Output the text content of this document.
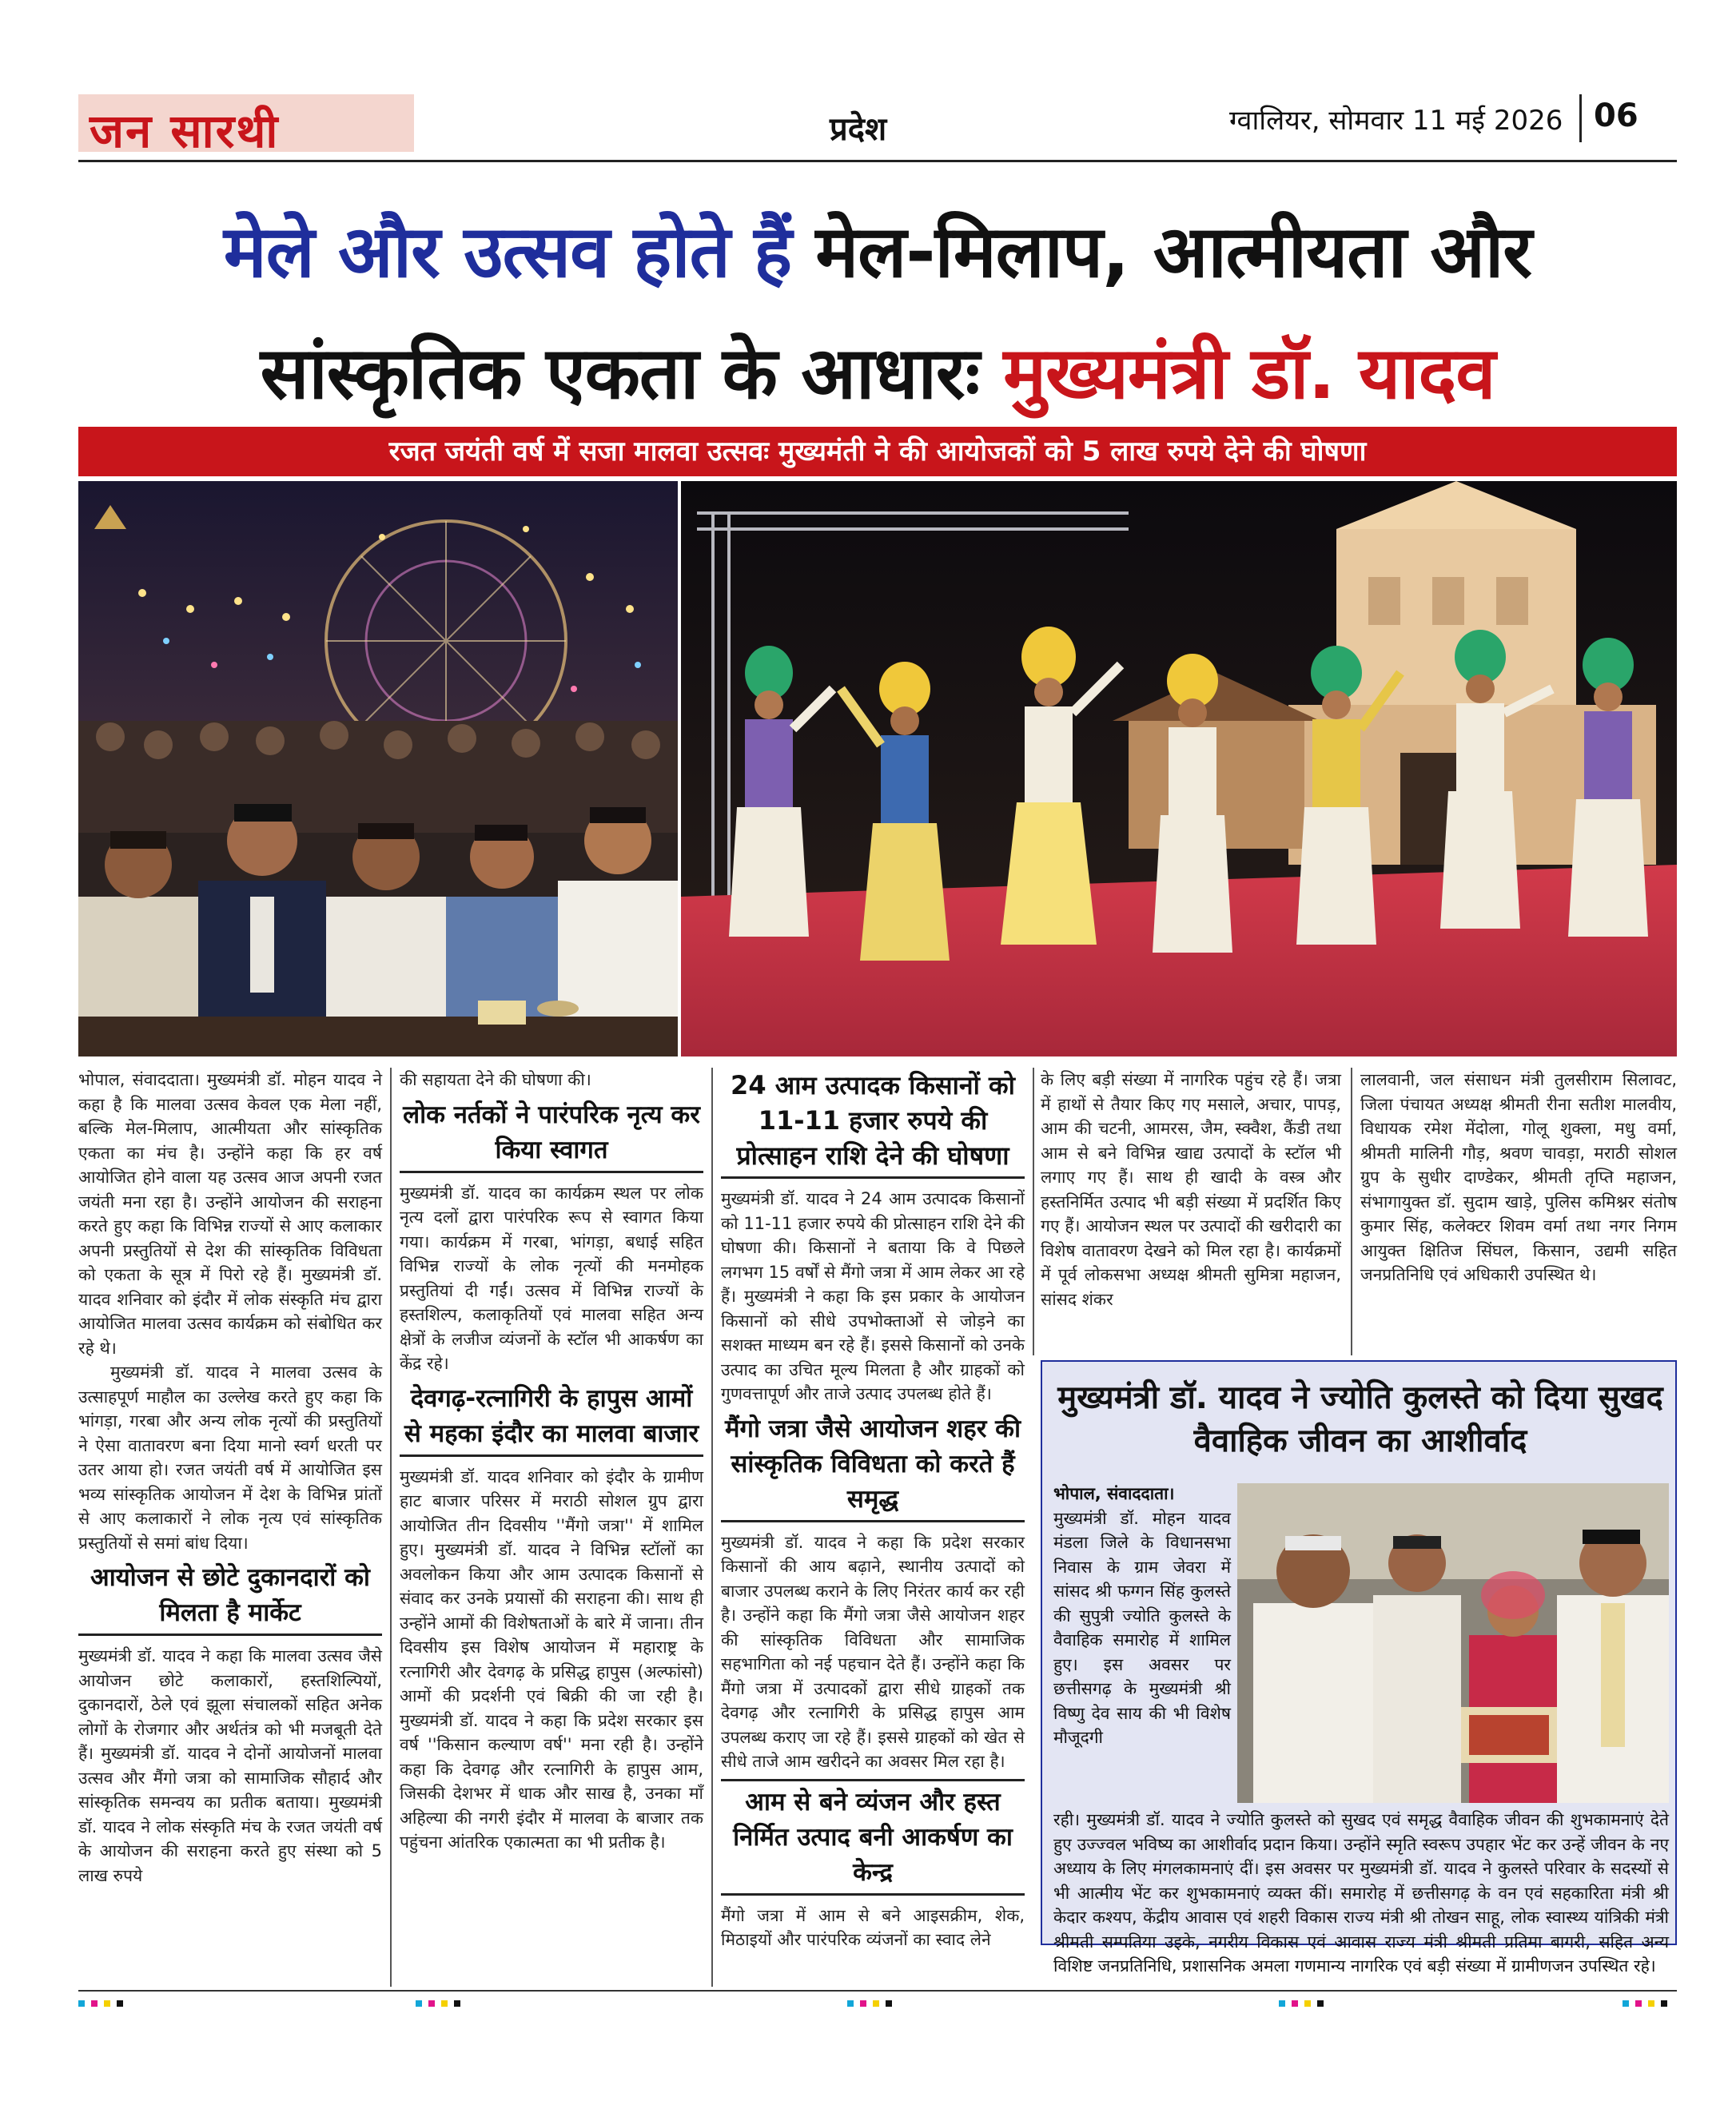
जन सारथी	प्रदेश	ग्वालियर, सोमवार 11 मई 2026 06
मेले और उत्सव होते हैं मेल-मिलाप, आत्मीयता और
सांस्कृतिक एकता के आधारः मुख्यमंत्री डॉ. यादव
रजत जयंती वर्ष में सजा मालवा उत्सवः मुख्यमंती ने की आयोजकों को 5 लाख रुपये देने की घोषणा

भोपाल, संवाददाता। मुख्यमंत्री डॉ. मोहन यादव ने कहा है कि मालवा उत्सव केवल एक मेला नहीं, बल्कि मेल-मिलाप, आत्मीयता और सांस्कृतिक एकता का मंच है। उन्होंने कहा कि हर वर्ष आयोजित होने वाला यह उत्सव आज अपनी रजत जयंती मना रहा है। उन्होंने आयोजन की सराहना करते हुए कहा कि विभिन्न राज्यों से आए कलाकार अपनी प्रस्तुतियों से देश की सांस्कृतिक विविधता को एकता के सूत्र में पिरो रहे हैं। मुख्यमंत्री डॉ. यादव शनिवार को इंदौर में लोक संस्कृति मंच द्वारा आयोजित मालवा उत्सव कार्यक्रम को संबोधित कर रहे थे।

मुख्यमंत्री डॉ. यादव ने मालवा उत्सव के उत्साहपूर्ण माहौल का उल्लेख करते हुए कहा कि भांगड़ा, गरबा और अन्य लोक नृत्यों की प्रस्तुतियों ने ऐसा वातावरण बना दिया मानो स्वर्ग धरती पर उतर आया हो। रजत जयंती वर्ष में आयोजित इस भव्य सांस्कृतिक आयोजन में देश के विभिन्न प्रांतों से आए कलाकारों ने लोक नृत्य एवं सांस्कृतिक प्रस्तुतियों से समां बांध दिया।

आयोजन से छोटे दुकानदारों को मिलता है मार्केट

मुख्यमंत्री डॉ. यादव ने कहा कि मालवा उत्सव जैसे आयोजन छोटे कलाकारों, हस्तशिल्पियों, दुकानदारों, ठेले एवं झूला संचालकों सहित अनेक लोगों के रोजगार और अर्थतंत्र को भी मजबूती देते हैं। मुख्यमंत्री डॉ. यादव ने दोनों आयोजनों मालवा उत्सव और मैंगो जत्रा को सामाजिक सौहार्द और सांस्कृतिक समन्वय का प्रतीक बताया। मुख्यमंत्री डॉ. यादव ने लोक संस्कृति मंच के रजत जयंती वर्ष के आयोजन की सराहना करते हुए संस्था को 5 लाख रुपये

की सहायता देने की घोषणा की।

लोक नर्तकों ने पारंपरिक नृत्य कर किया स्वागत

मुख्यमंत्री डॉ. यादव का कार्यक्रम स्थल पर लोक नृत्य दलों द्वारा पारंपरिक रूप से स्वागत किया गया। कार्यक्रम में गरबा, भांगड़ा, बधाई सहित विभिन्न राज्यों के लोक नृत्यों की मनमोहक प्रस्तुतियां दी गईं। उत्सव में विभिन्न राज्यों के हस्तशिल्प, कलाकृतियों एवं मालवा सहित अन्य क्षेत्रों के लजीज व्यंजनों के स्टॉल भी आकर्षण का केंद्र रहे।

देवगढ़-रत्नागिरी के हापुस आमों से महका इंदौर का मालवा बाजार

मुख्यमंत्री डॉ. यादव शनिवार को इंदौर के ग्रामीण हाट बाजार परिसर में मराठी सोशल ग्रुप द्वारा आयोजित तीन दिवसीय ''मैंगो जत्रा'' में शामिल हुए। मुख्यमंत्री डॉ. यादव ने विभिन्न स्टॉलों का अवलोकन किया और आम उत्पादक किसानों से संवाद कर उनके प्रयासों की सराहना की। साथ ही उन्होंने आमों की विशेषताओं के बारे में जाना। तीन दिवसीय इस विशेष आयोजन में महाराष्ट्र के रत्नागिरी और देवगढ़ के प्रसिद्ध हापुस (अल्फांसो) आमों की प्रदर्शनी एवं बिक्री की जा रही है। मुख्यमंत्री डॉ. यादव ने कहा कि प्रदेश सरकार इस वर्ष ''किसान कल्याण वर्ष'' मना रही है। उन्होंने कहा कि देवगढ़ और रत्नागिरी के हापुस आम, जिसकी देशभर में धाक और साख है, उनका माँ अहिल्या की नगरी इंदौर में मालवा के बाजार तक पहुंचना आंतरिक एकात्मता का भी प्रतीक है।

24 आम उत्पादक किसानों को 11-11 हजार रुपये की प्रोत्साहन राशि देने की घोषणा

मुख्यमंत्री डॉ. यादव ने 24 आम उत्पादक किसानों को 11-11 हजार रुपये की प्रोत्साहन राशि देने की घोषणा की। किसानों ने बताया कि वे पिछले लगभग 15 वर्षों से मैंगो जत्रा में आम लेकर आ रहे हैं। मुख्यमंत्री ने कहा कि इस प्रकार के आयोजन किसानों को सीधे उपभोक्ताओं से जोड़ने का सशक्त माध्यम बन रहे हैं। इससे किसानों को उनके उत्पाद का उचित मूल्य मिलता है और ग्राहकों को गुणवत्तापूर्ण और ताजे उत्पाद उपलब्ध होते हैं।

मैंगो जत्रा जैसे आयोजन शहर की सांस्कृतिक विविधता को करते हैं समृद्ध

मुख्यमंत्री डॉ. यादव ने कहा कि प्रदेश सरकार किसानों की आय बढ़ाने, स्थानीय उत्पादों को बाजार उपलब्ध कराने के लिए निरंतर कार्य कर रही है। उन्होंने कहा कि मैंगो जत्रा जैसे आयोजन शहर की सांस्कृतिक विविधता और सामाजिक सहभागिता को नई पहचान देते हैं। उन्होंने कहा कि मैंगो जत्रा में उत्पादकों द्वारा सीधे ग्राहकों तक देवगढ़ और रत्नागिरी के प्रसिद्ध हापुस आम उपलब्ध कराए जा रहे हैं। इससे ग्राहकों को खेत से सीधे ताजे आम खरीदने का अवसर मिल रहा है।

आम से बने व्यंजन और हस्त निर्मित उत्पाद बनी आकर्षण का केन्द्र

मैंगो जत्रा में आम से बने आइसक्रीम, शेक, मिठाइयों और पारंपरिक व्यंजनों का स्वाद लेने

के लिए बड़ी संख्या में नागरिक पहुंच रहे हैं। जत्रा में हाथों से तैयार किए गए मसाले, अचार, पापड़, आम की चटनी, आमरस, जैम, स्क्वैश, कैंडी तथा आम से बने विभिन्न खाद्य उत्पादों के स्टॉल भी लगाए गए हैं। साथ ही खादी के वस्त्र और हस्तनिर्मित उत्पाद भी बड़ी संख्या में प्रदर्शित किए गए हैं। आयोजन स्थल पर उत्पादों की खरीदारी का विशेष वातावरण देखने को मिल रहा है। कार्यक्रमों में पूर्व लोकसभा अध्यक्ष श्रीमती सुमित्रा महाजन, सांसद शंकर

लालवानी, जल संसाधन मंत्री तुलसीराम सिलावट, जिला पंचायत अध्यक्ष श्रीमती रीना सतीश मालवीय, विधायक रमेश मेंदोला, गोलू शुक्ला, मधु वर्मा, श्रीमती मालिनी गौड़, श्रवण चावड़ा, मराठी सोशल ग्रुप के सुधीर दाण्डेकर, श्रीमती तृप्ति महाजन, संभागायुक्त डॉ. सुदाम खाड़े, पुलिस कमिश्नर संतोष कुमार सिंह, कलेक्टर शिवम वर्मा तथा नगर निगम आयुक्त क्षितिज सिंघल, किसान, उद्यमी सहित जनप्रतिनिधि एवं अधिकारी उपस्थित थे।

मुख्यमंत्री डॉ. यादव ने ज्योति कुलस्ते को दिया सुखद वैवाहिक जीवन का आशीर्वाद

भोपाल, संवाददाता।

मुख्यमंत्री डॉ. मोहन यादव मंडला जिले के विधानसभा निवास के ग्राम जेवरा में सांसद श्री फग्गन सिंह कुलस्ते की सुपुत्री ज्योति कुलस्ते के वैवाहिक समारोह में शामिल हुए। इस अवसर पर छत्तीसगढ़ के मुख्यमंत्री श्री विष्णु देव साय की भी विशेष मौजूदगी

रही। मुख्यमंत्री डॉ. यादव ने ज्योति कुलस्ते को सुखद एवं समृद्ध वैवाहिक जीवन की शुभकामनाएं देते हुए उज्ज्वल भविष्य का आशीर्वाद प्रदान किया। उन्होंने स्मृति स्वरूप उपहार भेंट कर उन्हें जीवन के नए अध्याय के लिए मंगलकामनाएं दीं। इस अवसर पर मुख्यमंत्री डॉ. यादव ने कुलस्ते परिवार के सदस्यों से भी आत्मीय भेंट कर शुभकामनाएं व्यक्त कीं। समारोह में छत्तीसगढ़ के वन एवं सहकारिता मंत्री श्री केदार कश्यप, केंद्रीय आवास एवं शहरी विकास राज्य मंत्री श्री तोखन साहू, लोक स्वास्थ्य यांत्रिकी मंत्री श्रीमती सम्पतिया उइके, नगरीय विकास एवं आवास राज्य मंत्री श्रीमती प्रतिमा बागरी, सहित अन्य विशिष्ट जनप्रतिनिधि, प्रशासनिक अमला गणमान्य नागरिक एवं बड़ी संख्या में ग्रामीणजन उपस्थित रहे।
